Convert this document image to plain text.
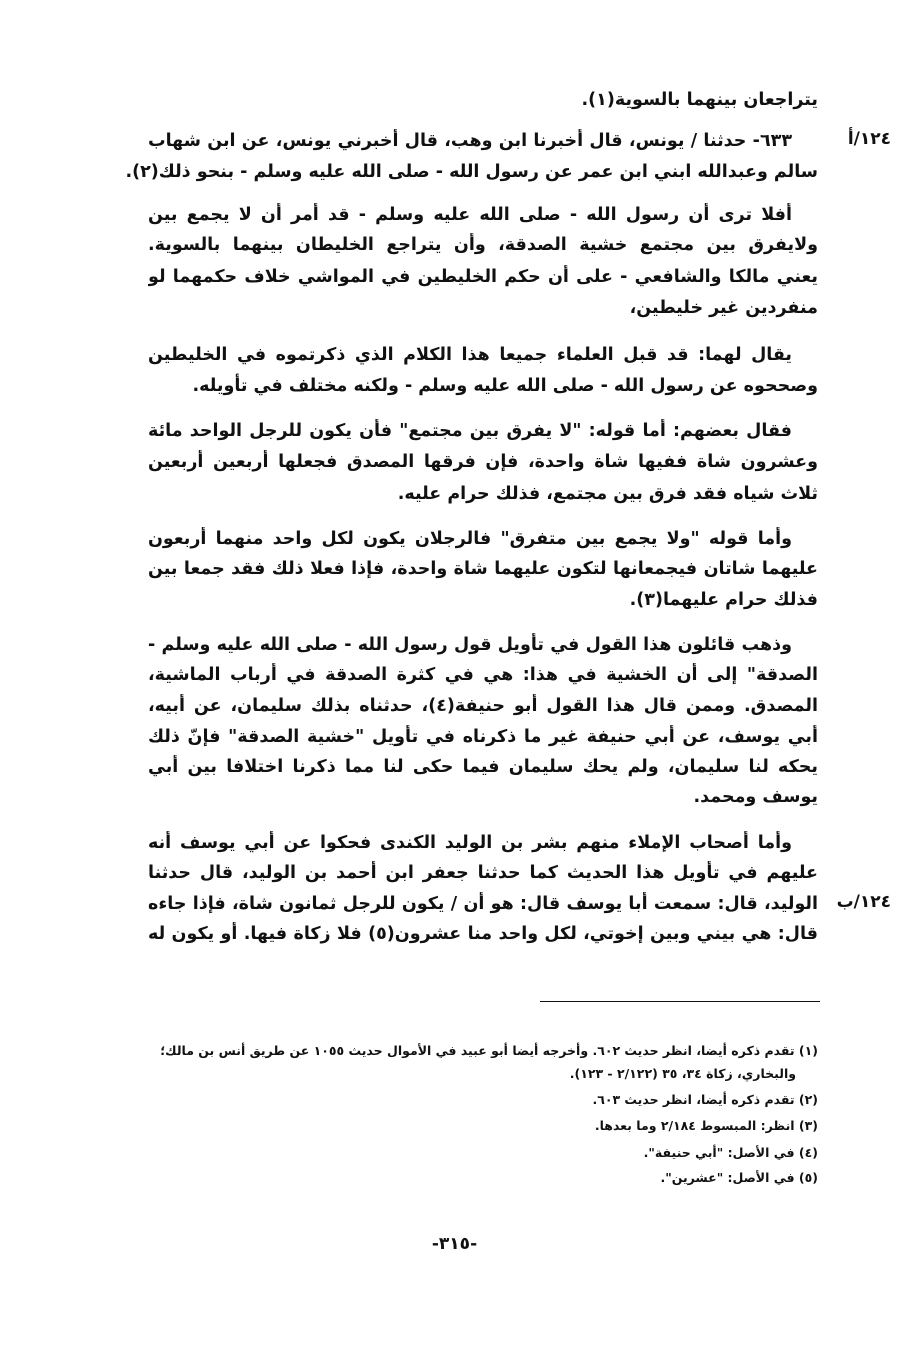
يتراجعان بينهما بالسوية(١).
٦٣٣- حدثنا / يونس، قال أخبرنا ابن وهب، قال أخبرني يونس، عن ابن شهاب
سالم وعبدالله ابني ابن عمر عن رسول الله - صلى الله عليه وسلم - بنحو ذلك(٢).
أفلا ترى أن رسول الله - صلى الله عليه وسلم - قد أمر أن لا يجمع بين
ولايفرق بين مجتمع خشية الصدقة، وأن يتراجع الخليطان بينهما بالسوية.
يعني مالكا والشافعي - على أن حكم الخليطين في المواشي خلاف حكمهما لو
منفردين غير خليطين،
يقال لهما: قد قبل العلماء جميعا هذا الكلام الذي ذكرتموه في الخليطين
وصححوه عن رسول الله - صلى الله عليه وسلم - ولكنه مختلف في تأويله.
فقال بعضهم: أما قوله: "لا يفرق بين مجتمع" فأن يكون للرجل الواحد مائة
وعشرون شاة ففيها شاة واحدة، فإن فرقها المصدق فجعلها أربعين أربعين
ثلاث شياه فقد فرق بين مجتمع، فذلك حرام عليه.
وأما قوله "ولا يجمع بين متفرق" فالرجلان يكون لكل واحد منهما أربعون
عليهما شاتان فيجمعانها لتكون عليهما شاة واحدة، فإذا فعلا ذلك فقد جمعا بين
فذلك حرام عليهما(٣).
وذهب قائلون هذا القول في تأويل قول رسول الله - صلى الله عليه وسلم -
الصدقة" إلى أن الخشية في هذا: هي في كثرة الصدقة في أرباب الماشية،
المصدق. وممن قال هذا القول أبو حنيفة(٤)، حدثناه بذلك سليمان، عن أبيه،
أبي يوسف، عن أبي حنيفة غير ما ذكرناه في تأويل "خشية الصدقة" فإنّ ذلك
يحكه لنا سليمان، ولم يحك سليمان فيما حكى لنا مما ذكرنا اختلافا بين أبي
يوسف ومحمد.
وأما أصحاب الإملاء منهم بشر بن الوليد الكندى فحكوا عن أبي يوسف أنه
عليهم في تأويل هذا الحديث كما حدثنا جعفر ابن أحمد بن الوليد، قال حدثنا
الوليد، قال: سمعت أبا يوسف قال: هو أن / يكون للرجل ثمانون شاة، فإذا جاءه
قال: هي بيني وبين إخوتي، لكل واحد منا عشرون(٥) فلا زكاة فيها. أو يكون له
١٢٤/أ
١٢٤/ب
(١) تقدم ذكره أيضا، انظر حديث ٦٠٢. وأخرجه أيضا أبو عبيد في الأموال حديث ١٠٥٥ عن طريق أنس بن مالك؛
والبخاري، زكاة ٣٤، ٣٥ (٢/١٢٢ - ١٢٣).
(٢) تقدم ذكره أيضا، انظر حديث ٦٠٣.
(٣) انظر: المبسوط ٢/١٨٤ وما بعدها.
(٤) في الأصل: "أبي حنيفة".
(٥) في الأصل: "عشرين".
-٣١٥-
